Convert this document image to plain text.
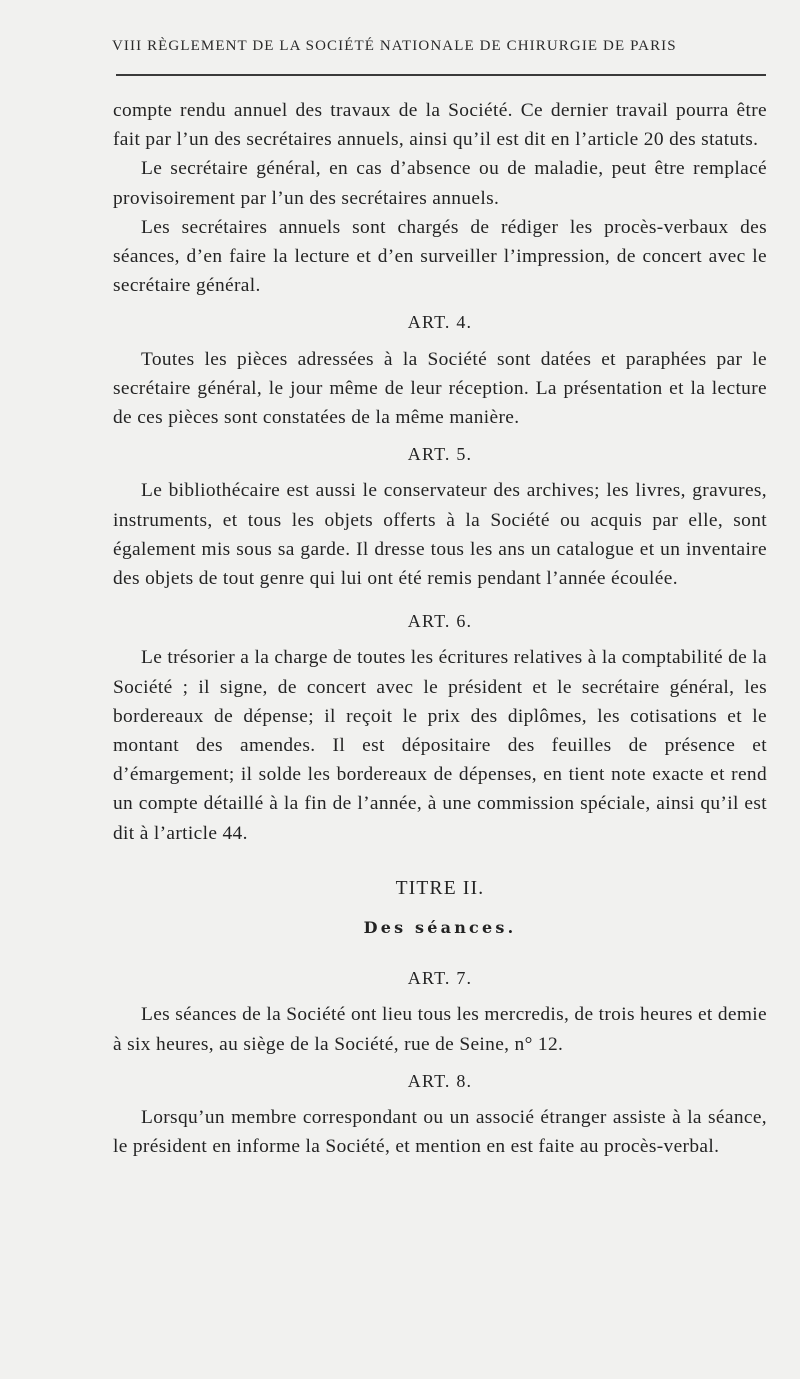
VIII RÈGLEMENT DE LA SOCIÉTÉ NATIONALE DE CHIRURGIE DE PARIS

compte rendu annuel des travaux de la Société. Ce dernier travail pourra être fait par l’un des secrétaires annuels, ainsi qu’il est dit en l’article 20 des statuts.

Le secrétaire général, en cas d’absence ou de maladie, peut être remplacé provisoirement par l’un des secrétaires annuels.

Les secrétaires annuels sont chargés de rédiger les procès-verbaux des séances, d’en faire la lecture et d’en surveiller l’impression, de concert avec le secrétaire général.

ART. 4.

Toutes les pièces adressées à la Société sont datées et paraphées par le secrétaire général, le jour même de leur réception. La présentation et la lecture de ces pièces sont constatées de la même manière.

ART. 5.

Le bibliothécaire est aussi le conservateur des archives; les livres, gravures, instruments, et tous les objets offerts à la Société ou acquis par elle, sont également mis sous sa garde. Il dresse tous les ans un catalogue et un inventaire des objets de tout genre qui lui ont été remis pendant l’année écoulée.

ART. 6.

Le trésorier a la charge de toutes les écritures relatives à la comptabilité de la Société ; il signe, de concert avec le président et le secrétaire général, les bordereaux de dépense; il reçoit le prix des diplômes, les cotisations et le montant des amendes. Il est dépositaire des feuilles de présence et d’émargement; il solde les bordereaux de dépenses, en tient note exacte et rend un compte détaillé à la fin de l’année, à une commission spéciale, ainsi qu’il est dit à l’article 44.

TITRE II.
Des séances.
ART. 7.

Les séances de la Société ont lieu tous les mercredis, de trois heures et demie à six heures, au siège de la Société, rue de Seine, n° 12.

ART. 8.

Lorsqu’un membre correspondant ou un associé étranger assiste à la séance, le président en informe la Société, et mention en est faite au procès-verbal.
